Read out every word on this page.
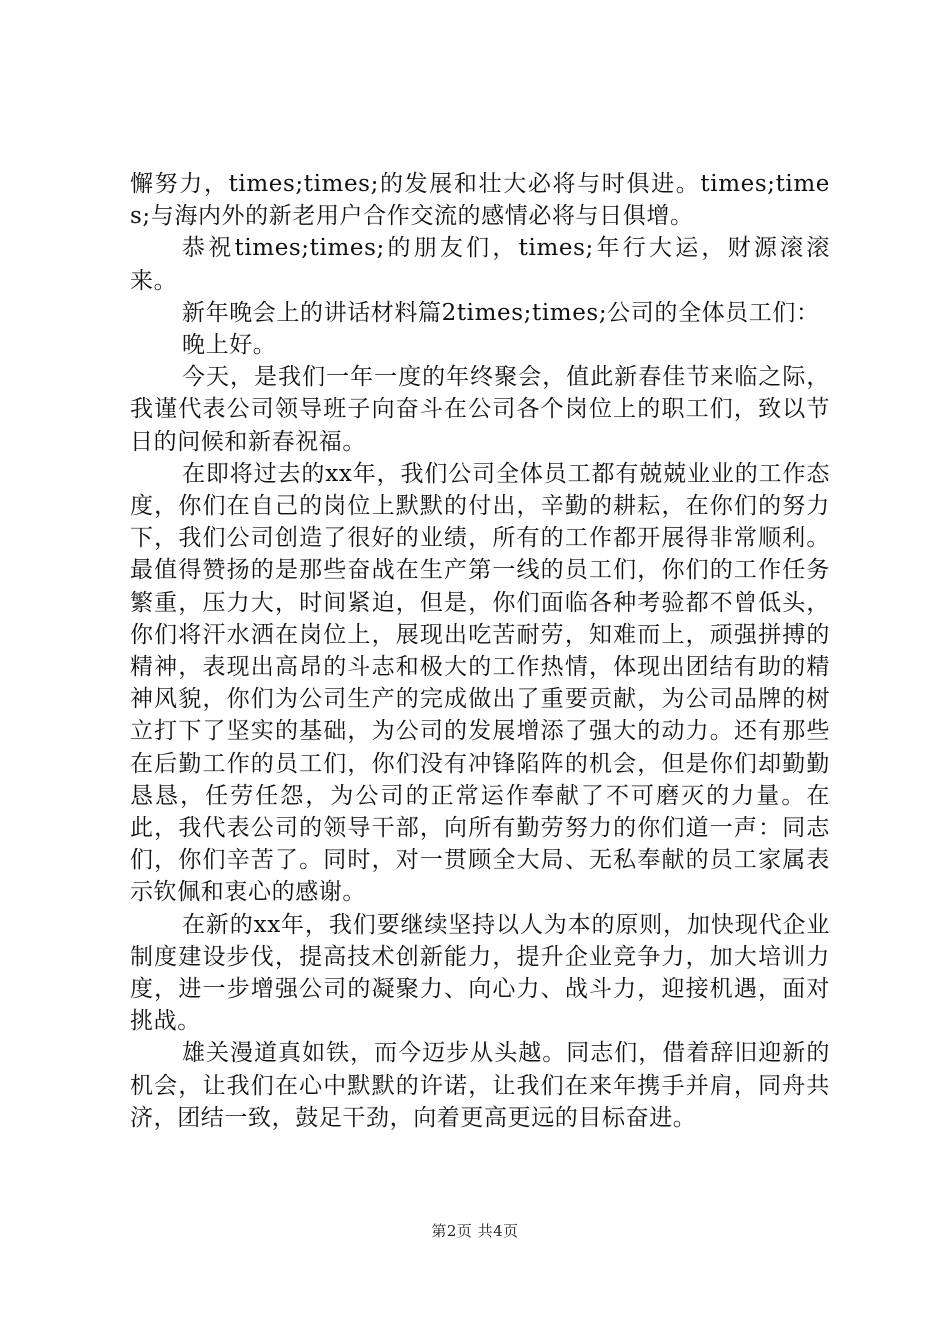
懈努力，times;times;的发展和壮大必将与时俱进。times;times;与海内外的新老用户合作交流的感情必将与日俱增。

恭祝times;times;的朋友们，times;年行大运，财源滚滚来。

新年晚会上的讲话材料篇2times;times;公司的全体员工们：

晚上好。

今天，是我们一年一度的年终聚会，值此新春佳节来临之际，我谨代表公司领导班子向奋斗在公司各个岗位上的职工们，致以节日的问候和新春祝福。

在即将过去的xx年，我们公司全体员工都有兢兢业业的工作态度，你们在自己的岗位上默默的付出，辛勤的耕耘，在你们的努力下，我们公司创造了很好的业绩，所有的工作都开展得非常顺利。最值得赞扬的是那些奋战在生产第一线的员工们，你们的工作任务繁重，压力大，时间紧迫，但是，你们面临各种考验都不曾低头，你们将汗水洒在岗位上，展现出吃苦耐劳，知难而上，顽强拼搏的精神，表现出高昂的斗志和极大的工作热情，体现出团结有助的精神风貌，你们为公司生产的完成做出了重要贡献，为公司品牌的树立打下了坚实的基础，为公司的发展增添了强大的动力。还有那些在后勤工作的员工们，你们没有冲锋陷阵的机会，但是你们却勤勤恳恳，任劳任怨，为公司的正常运作奉献了不可磨灭的力量。在此，我代表公司的领导干部，向所有勤劳努力的你们道一声：同志们，你们辛苦了。同时，对一贯顾全大局、无私奉献的员工家属表示钦佩和衷心的感谢。

在新的xx年，我们要继续坚持以人为本的原则，加快现代企业制度建设步伐，提高技术创新能力，提升企业竞争力，加大培训力度，进一步增强公司的凝聚力、向心力、战斗力，迎接机遇，面对挑战。

雄关漫道真如铁，而今迈步从头越。同志们，借着辞旧迎新的机会，让我们在心中默默的许诺，让我们在来年携手并肩，同舟共济，团结一致，鼓足干劲，向着更高更远的目标奋进。

第2页 共4页
